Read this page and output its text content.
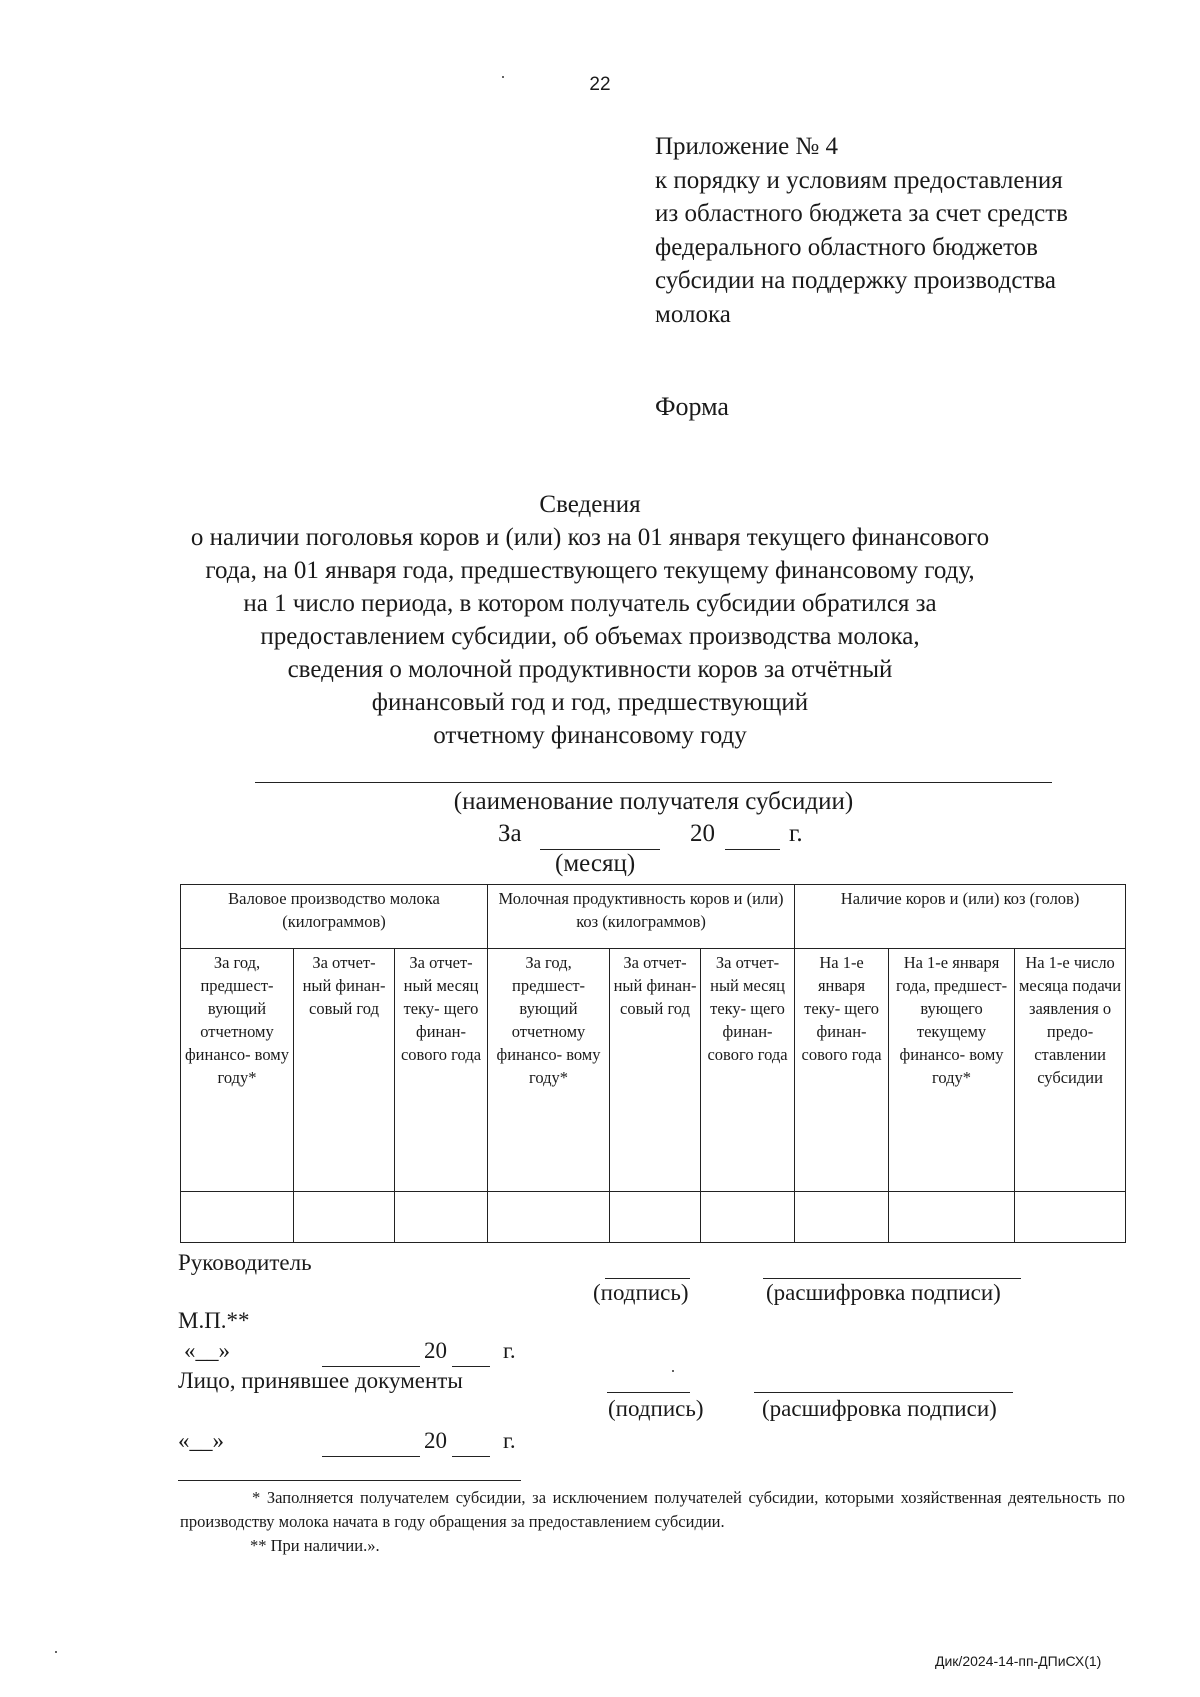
22
Приложение № 4
к порядку и условиям предоставления
из областного бюджета за счет средств
федерального областного бюджетов
субсидии на поддержку производства
молока
Форма
Сведения
о наличии поголовья коров и (или) коз на 01 января текущего финансового
года, на 01 января года, предшествующего текущему финансовому году,
на 1 число периода, в котором получатель субсидии обратился за
предоставлением субсидии, об объемах производства молока,
сведения о молочной продуктивности коров за отчётный
финансовый год и год, предшествующий
отчетному финансовому году
(наименование получателя субсидии)
За	20	г.
(месяц)
Валовое производство молока (килограммов)			Молочная продуктивность коров и (или) коз (килограммов)			Наличие коров и (или) коз (голов)		
За год, предшест- вующий отчетному финансо- вому году*	За отчет- ный финан- совый год	За отчет- ный месяц теку- щего финан- сового года	За год, предшест- вующий отчетному финансо- вому году*	За отчет- ный финан- совый год	За отчет- ный месяц теку- щего финан- сового года	На 1-е января теку- щего финан- сового года	На 1-е января года, предшест- вующего текущему финансо- вому году*	На 1-е число месяца подачи заявления о предо- ставлении субсидии

Руководитель
(подпись)	(расшифровка подписи)
М.П.**
«__»	20 г.
Лицо, принявшее документы
(подпись)	(расшифровка подписи)
«__»	20 г.
* Заполняется получателем субсидии, за исключением получателей субсидии, которыми хозяйственная деятельность по производству молока начата в году обращения за предоставлением субсидии.
** При наличии.».
Дик/2024-14-пп-ДПиСХ(1)
